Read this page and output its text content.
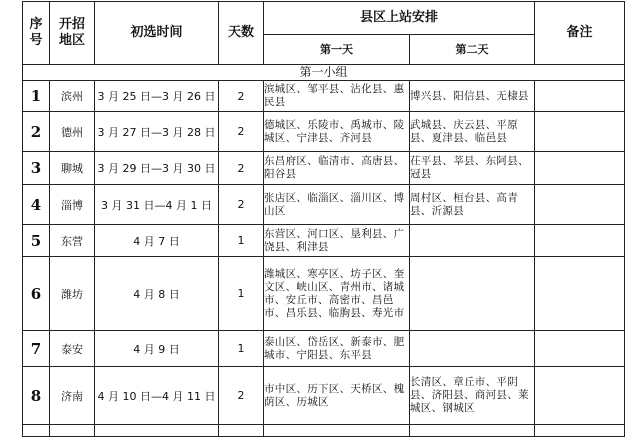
序号	开招地区	初选时间	天数	县区上站安排		备注
				第一天	第二天	
第一小组						
1	滨州	3 月 25 日—3 月 26 日	2	滨城区、邹平县、沾化县、惠民县	博兴县、阳信县、无棣县	
2	德州	3 月 27 日—3 月 28 日	2	德城区、乐陵市、禹城市、陵城区、宁津县、齐河县	武城县、庆云县、平原县、夏津县、临邑县	
3	聊城	3 月 29 日—3 月 30 日	2	东昌府区、临清市、高唐县、阳谷县	茌平县、莘县、东阿县、冠县	
4	淄博	3 月 31 日—4 月 1 日	2	张店区、临淄区、淄川区、博山区	周村区、桓台县、高青县、沂源县	
5	东营	4 月 7 日	1	东营区、河口区、垦利县、广饶县、利津县		
6	潍坊	4 月 8 日	1	潍城区、寒亭区、坊子区、奎文区、峡山区、青州市、诸城市、安丘市、高密市、昌邑市、昌乐县、临朐县、寿光市		
7	泰安	4 月 9 日	1	泰山区、岱岳区、新泰市、肥城市、宁阳县、东平县		
8	济南	4 月 10 日—4 月 11 日	2	市中区、历下区、天桥区、槐荫区、历城区	长清区、章丘市、平阴县、济阳县、商河县、莱城区、钢城区	
